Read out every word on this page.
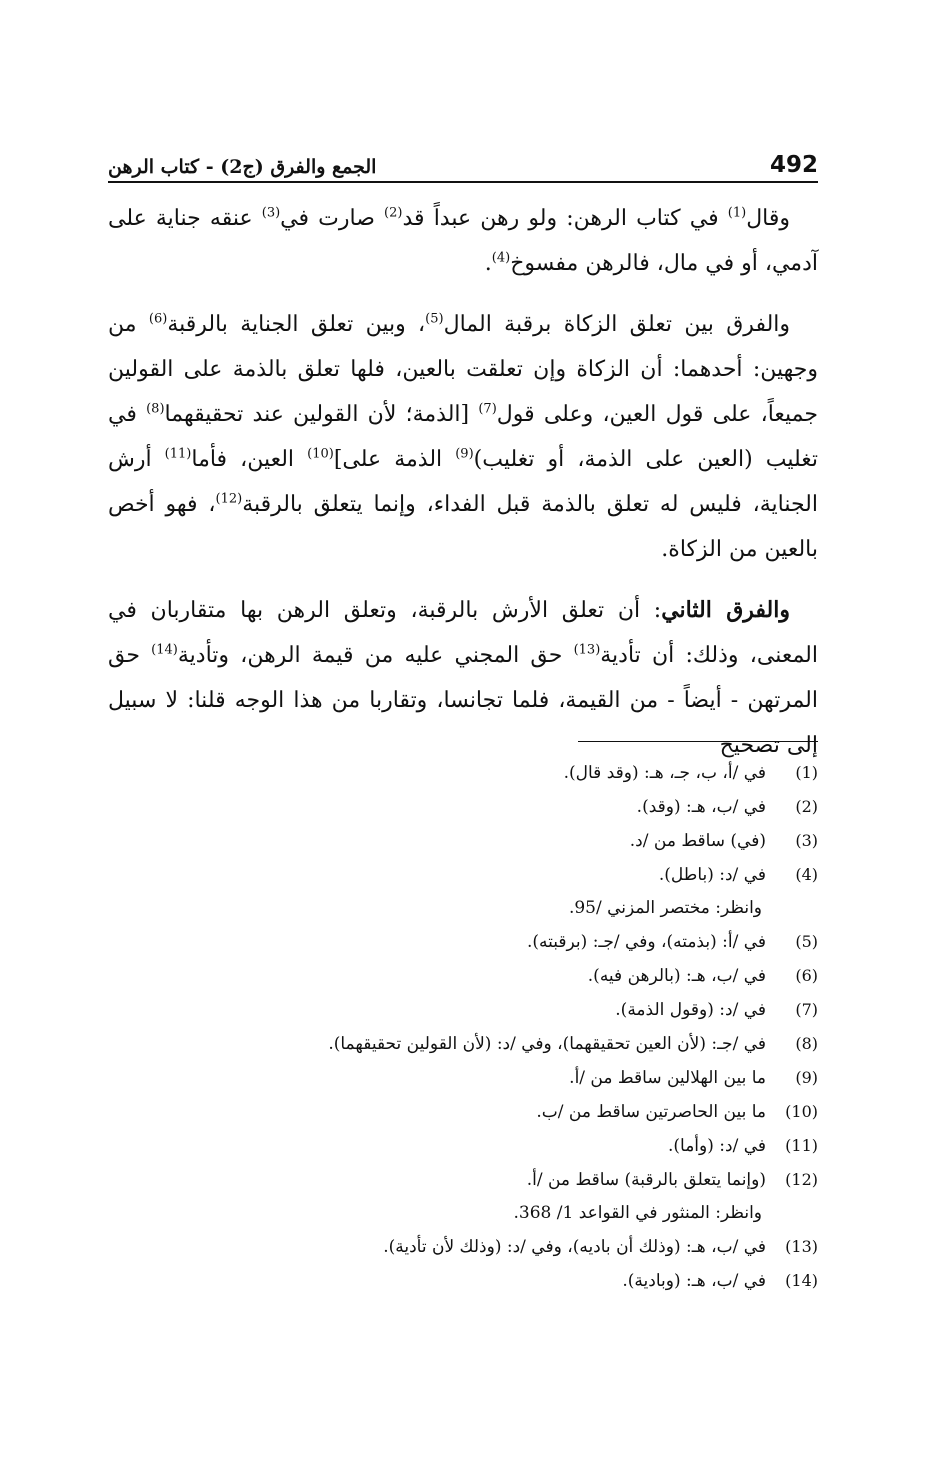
492
الجمع والفرق (ج2) - كتاب الرهن

وقال$^{(1)}$ في كتاب الرهن: ولو رهن عبداً قد$^{(2)}$ صارت في$^{(3)}$ عنقه جناية على آدمي، أو في مال، فالرهن مفسوخ$^{(4)}$.

والفرق بين تعلق الزكاة برقبة المال$^{(5)}$، وبين تعلق الجناية بالرقبة$^{(6)}$ من وجهين: أحدهما: أن الزكاة وإن تعلقت بالعين، فلها تعلق بالذمة على القولين جميعاً، على قول العين، وعلى قول$^{(7)}$ [الذمة؛ لأن القولين عند تحقيقهما$^{(8)}$ في تغليب (العين على الذمة، أو تغليب)$^{(9)}$ الذمة على]$^{(10)}$ العين، فأما$^{(11)}$ أرش الجناية، فليس له تعلق بالذمة قبل الفداء، وإنما يتعلق بالرقبة$^{(12)}$، فهو أخص بالعين من الزكاة.

والفرق الثاني: أن تعلق الأرش بالرقبة، وتعلق الرهن بها متقاربان في المعنى، وذلك: أن تأدية$^{(13)}$ حق المجني عليه من قيمة الرهن، وتأدية$^{(14)}$ حق المرتهن - أيضاً - من القيمة، فلما تجانسا، وتقاربا من هذا الوجه قلنا: لا سبيل إلى تصحيح

(1)
في /أ، ب، جـ، هـ: (وقد قال).
(2)
في /ب، هـ: (وقد).
(3)
(في) ساقط من /د.
(4)
في /د: (باطل).
وانظر: مختصر المزني /95.
(5)
في /أ: (بذمته)، وفي /جـ: (برقبته).
(6)
في /ب، هـ: (بالرهن فيه).
(7)
في /د: (وقول الذمة).
(8)
في /جـ: (لأن العين تحقيقهما)، وفي /د: (لأن القولين تحقيقهما).
(9)
ما بين الهلالين ساقط من /أ.
(10)
ما بين الحاصرتين ساقط من /ب.
(11)
في /د: (وأما).
(12)
(وإنما يتعلق بالرقبة) ساقط من /أ.
وانظر: المنثور في القواعد 1/ 368.
(13)
في /ب، هـ: (وذلك أن باديه)، وفي /د: (وذلك لأن تأدية).
(14)
في /ب، هـ: (وبادية).
